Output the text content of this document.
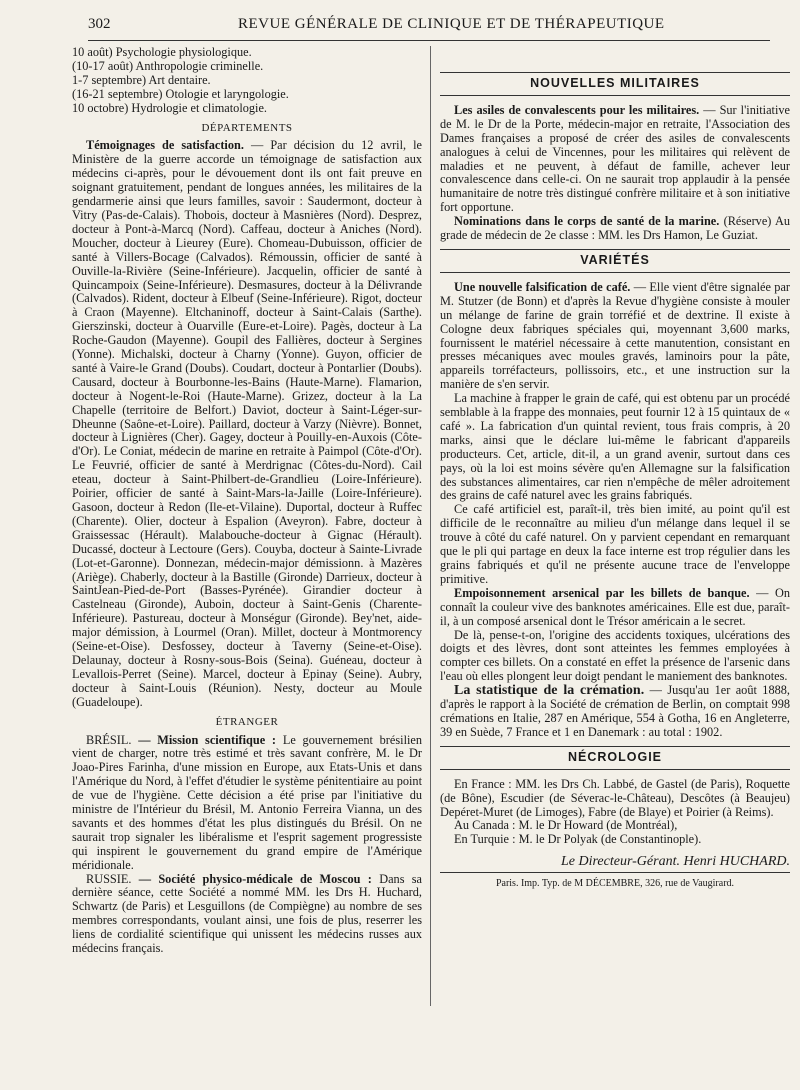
302	REVUE GÉNÉRALE DE CLINIQUE ET DE THÉRAPEUTIQUE

10 août) Psychologie physiologique.

(10-17 août) Anthropologie criminelle.

1-7 septembre) Art dentaire.

(16-21 septembre) Otologie et laryngologie.

10 octobre) Hydrologie et climatologie.

DÉPARTEMENTS

Témoignages de satisfaction. — Par décision du 12 avril, le Ministère de la guerre accorde un témoignage de satisfaction aux médecins ci-après, pour le dévouement dont ils ont fait preuve en soignant gratuitement, pendant de longues années, les militaires de la gendarmerie ainsi que leurs familles, savoir : Saudermont, docteur à Vitry (Pas-de-Calais). Thobois, docteur à Masnières (Nord). Desprez, docteur à Pont-à-Marcq (Nord). Caffeau, docteur à Aniches (Nord). Moucher, docteur à Lieurey (Eure). Chomeau-Dubuisson, officier de santé à Villers-Bocage (Calvados). Rémoussin, officier de santé à Ouville-la-Rivière (Seine-Inférieure). Jacquelin, officier de santé à Quincampoix (Seine-Inférieure). Desmasures, docteur à la Délivrande (Calvados). Rident, docteur à Elbeuf (Seine-Inférieure). Rigot, docteur à Craon (Mayenne). Eltchaninoff, docteur à Saint-Calais (Sarthe). Gierszinski, docteur à Ouarville (Eure-et-Loire). Pagès, docteur à La Roche-Gaudon (Mayenne). Goupil des Fallières, docteur à Sergines (Yonne). Michalski, docteur à Charny (Yonne). Guyon, officier de santé à Vaire-le Grand (Doubs). Coudart, docteur à Pontarlier (Doubs). Causard, docteur à Bourbonne-les-Bains (Haute-Marne). Flamarion, docteur à Nogent-le-Roi (Haute-Marne). Grizez, docteur à la La Chapelle (territoire de Belfort.) Daviot, docteur à Saint-Léger-sur-Dheunne (Saône-et-Loire). Paillard, docteur à Varzy (Nièvre). Bonnet, docteur à Lignières (Cher). Gagey, docteur à Pouilly-en-Auxois (Côte-d'Or). Le Coniat, médecin de marine en retraite à Paimpol (Côte-d'Or). Le Feuvrié, officier de santé à Merdrignac (Côtes-du-Nord). Cail eteau, docteur à Saint-Philbert-de-Grandlieu (Loire-Inférieure). Poirier, officier de santé à Saint-Mars-la-Jaille (Loire-Inférieure). Gasoon, docteur à Redon (Ile-et-Vilaine). Duportal, docteur à Ruffec (Charente). Olier, docteur à Espalion (Aveyron). Fabre, docteur à Graissessac (Hérault). Malabouche-docteur à Gignac (Hérault). Ducassé, docteur à Lectoure (Gers). Couyba, docteur à Sainte-Livrade (Lot-et-Garonne). Donnezan, médecin-major démissionn. à Mazères (Ariège). Chaberly, docteur à la Bastille (Gironde) Darrieux, docteur à SaintJean-Pied-de-Port (Basses-Pyrénée). Girandier docteur à Castelneau (Gironde), Auboin, docteur à Saint-Genis (Charente-Inférieure). Pastureau, docteur à Monségur (Gironde). Bey'net, aide-major démission, à Lourmel (Oran). Millet, docteur à Montmorency (Seine-et-Oise). Desfossey, docteur à Taverny (Seine-et-Oise). Delaunay, docteur à Rosny-sous-Bois (Seina). Guéneau, docteur à Levallois-Perret (Seine). Marcel, docteur à Epinay (Seine). Aubry, docteur à Saint-Louis (Réunion). Nesty, docteur au Moule (Guadeloupe).

ÉTRANGER

BRÉSIL. — Mission scientifique : Le gouvernement brésilien vient de charger, notre très estimé et très savant confrère, M. le Dr Joao-Pires Farinha, d'une mission en Europe, aux Etats-Unis et dans l'Amérique du Nord, à l'effet d'étudier le système pénitentiaire au point de vue de l'hygiène. Cette décision a été prise par l'initiative du ministre de l'Intérieur du Brésil, M. Antonio Ferreira Vianna, un des savants et des hommes d'état les plus distingués du Brésil. On ne saurait trop signaler les libéralisme et l'esprit sagement progressiste qui inspirent le gouvernement du grand empire de l'Amérique méridionale.

RUSSIE. — Société physico-médicale de Moscou : Dans sa dernière séance, cette Société a nommé MM. les Drs H. Huchard, Schwartz (de Paris) et Lesguillons (de Compiègne) au nombre de ses membres correspondants, voulant ainsi, une fois de plus, reserrer les liens de cordialité scientifique qui unissent les médecins russes aux médecins français.

NOUVELLES MILITAIRES

Les asiles de convalescents pour les militaires. — Sur l'initiative de M. le Dr de la Porte, médecin-major en retraite, l'Association des Dames françaises a proposé de créer des asiles de convalescents analogues à celui de Vincennes, pour les militaires qui relèvent de maladies et ne peuvent, à défaut de famille, achever leur convalescence dans celle-ci. On ne saurait trop applaudir à la pensée humanitaire de notre très distingué confrère militaire et à son initiative fort opportune.

Nominations dans le corps de santé de la marine. (Réserve) Au grade de médecin de 2e classe : MM. les Drs Hamon, Le Guziat.

VARIÉTÉS

Une nouvelle falsification de café. — Elle vient d'être signalée par M. Stutzer (de Bonn) et d'après la Revue d'hygiène consiste à mouler un mélange de farine de grain torréfié et de dextrine. Il existe à Cologne deux fabriques spéciales qui, moyennant 3,600 marks, fournissent le matériel nécessaire à cette manutention, consistant en presses mécaniques avec moules gravés, laminoirs pour la pâte, appareils torréfacteurs, pollissoirs, etc., et une instruction sur la manière de s'en servir.

La machine à frapper le grain de café, qui est obtenu par un procédé semblable à la frappe des monnaies, peut fournir 12 à 15 quintaux de « café ». La fabrication d'un quintal revient, tous frais compris, à 20 marks, ainsi que le déclare lui-même le fabricant d'appareils producteurs. Cet, article, dit-il, a un grand avenir, surtout dans ces pays, où la loi est moins sévère qu'en Allemagne sur la falsification des substances alimentaires, car rien n'empêche de mêler adroitement des grains de café naturel avec les grains fabriqués.

Ce café artificiel est, paraît-il, très bien imité, au point qu'il est difficile de le reconnaître au milieu d'un mélange dans lequel il se trouve à côté du café naturel. On y parvient cependant en remarquant que le pli qui partage en deux la face interne est trop régulier dans les grains fabriqués et qu'il ne présente aucune trace de l'enveloppe primitive.

Empoisonnement arsenical par les billets de banque. — On connaît la couleur vive des banknotes américaines. Elle est due, paraît-il, à un composé arsenical dont le Trésor américain a le secret.

De là, pense-t-on, l'origine des accidents toxiques, ulcérations des doigts et des lèvres, dont sont atteintes les femmes employées à compter ces billets. On a constaté en effet la présence de l'arsenic dans l'eau où elles plongent leur doigt pendant le maniement des banknotes.

La statistique de la crémation. — Jusqu'au 1er août 1888, d'après le rapport à la Société de crémation de Berlin, on comptait 998 crémations en Italie, 287 en Amérique, 554 à Gotha, 16 en Angleterre, 39 en Suède, 7 France et 1 en Danemark : au total : 1902.

NÉCROLOGIE

En France : MM. les Drs Ch. Labbé, de Gastel (de Paris), Roquette (de Bône), Escudier (de Séverac-le-Château), Descôtes (à Beaujeu) Depéret-Muret (de Limoges), Fabre (de Blaye) et Poirier (à Reims).

Au Canada : M. le Dr Howard (de Montréal),

En Turquie : M. le Dr Polyak (de Constantinople).

Le Directeur-Gérant. Henri HUCHARD.

Paris. Imp. Typ. de M DÉCEMBRE, 326, rue de Vaugirard.
